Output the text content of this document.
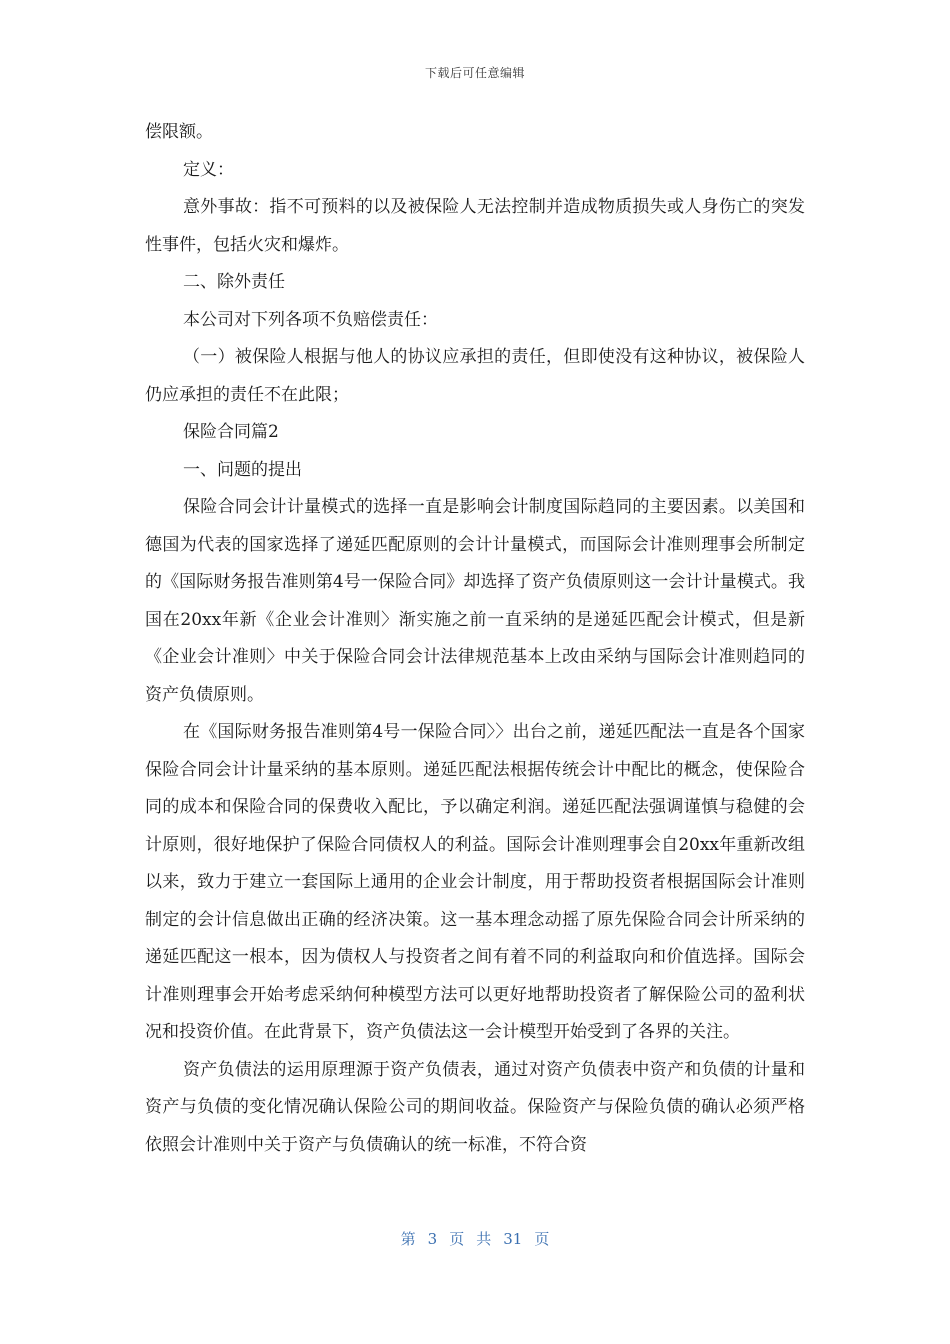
下载后可任意编辑

偿限额。

定义：

意外事故：指不可预料的以及被保险人无法控制并造成物质损失或人身伤亡的突发性事件，包括火灾和爆炸。

二、除外责任

本公司对下列各项不负赔偿责任：

（一）被保险人根据与他人的协议应承担的责任，但即使没有这种协议，被保险人仍应承担的责任不在此限；

保险合同篇2

一、问题的提出

保险合同会计计量模式的选择一直是影响会计制度国际趋同的主要因素。以美国和德国为代表的国家选择了递延匹配原则的会计计量模式，而国际会计准则理事会所制定的《国际财务报告准则第4号一保险合同》却选择了资产负债原则这一会计计量模式。我国在20xx年新《企业会计准则〉渐实施之前一直采纳的是递延匹配会计模式，但是新《企业会计准则〉中关于保险合同会计法律规范基本上改由采纳与国际会计准则趋同的资产负债原则。

在《国际财务报告准则第4号一保险合同〉〉出台之前，递延匹配法一直是各个国家保险合同会计计量采纳的基本原则。递延匹配法根据传统会计中配比的概念，使保险合同的成本和保险合同的保费收入配比，予以确定利润。递延匹配法强调谨慎与稳健的会计原则，很好地保护了保险合同债权人的利益。国际会计准则理事会自20xx年重新改组以来，致力于建立一套国际上通用的企业会计制度，用于帮助投资者根据国际会计准则制定的会计信息做出正确的经济决策。这一基本理念动摇了原先保险合同会计所采纳的递延匹配这一根本，因为债权人与投资者之间有着不同的利益取向和价值选择。国际会计准则理事会开始考虑采纳何种模型方法可以更好地帮助投资者了解保险公司的盈利状况和投资价值。在此背景下，资产负债法这一会计模型开始受到了各界的关注。

资产负债法的运用原理源于资产负债表，通过对资产负债表中资产和负债的计量和资产与负债的变化情况确认保险公司的期间收益。保险资产与保险负债的确认必须严格依照会计准则中关于资产与负债确认的统一标准，不符合资

第 3 页 共 31 页
